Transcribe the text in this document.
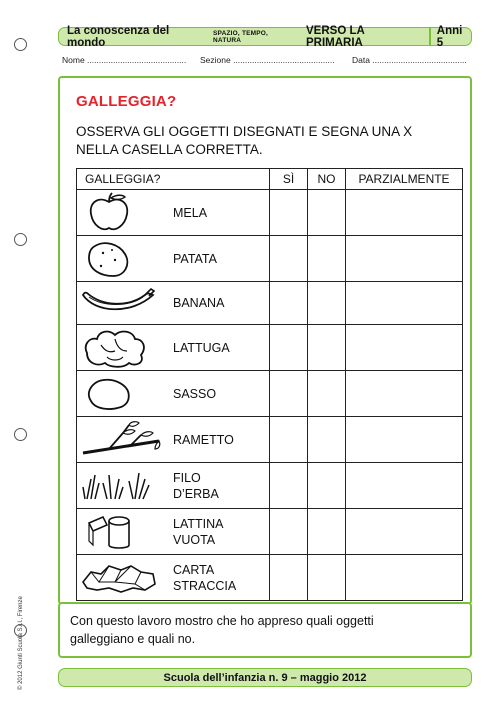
© 2012 Giunti Scuola S.r.l., Firenze
La conoscenza del mondo
SPAZIO, TEMPO, NATURA
VERSO LA PRIMARIA
Anni 5
Nome .......................................... Sezione ........................................... Data ........................................
GALLEGGIA?
OSSERVA GLI OGGETTI DISEGNATI E SEGNA UNA X
NELLA CASELLA CORRETTA.
GALLEGGIA?	SÌ	NO	PARZIALMENTE

MELA			

PATATA			

BANANA			

LATTUGA			

SASSO			

RAMETTO			

FILO
D’ERBA			

LATTINA
VUOTA			

CARTA
STRACCIA			

Con questo lavoro mostro che ho appreso quali oggetti
galleggiano e quali no.
Scuola dell’infanzia n. 9 – maggio 2012
